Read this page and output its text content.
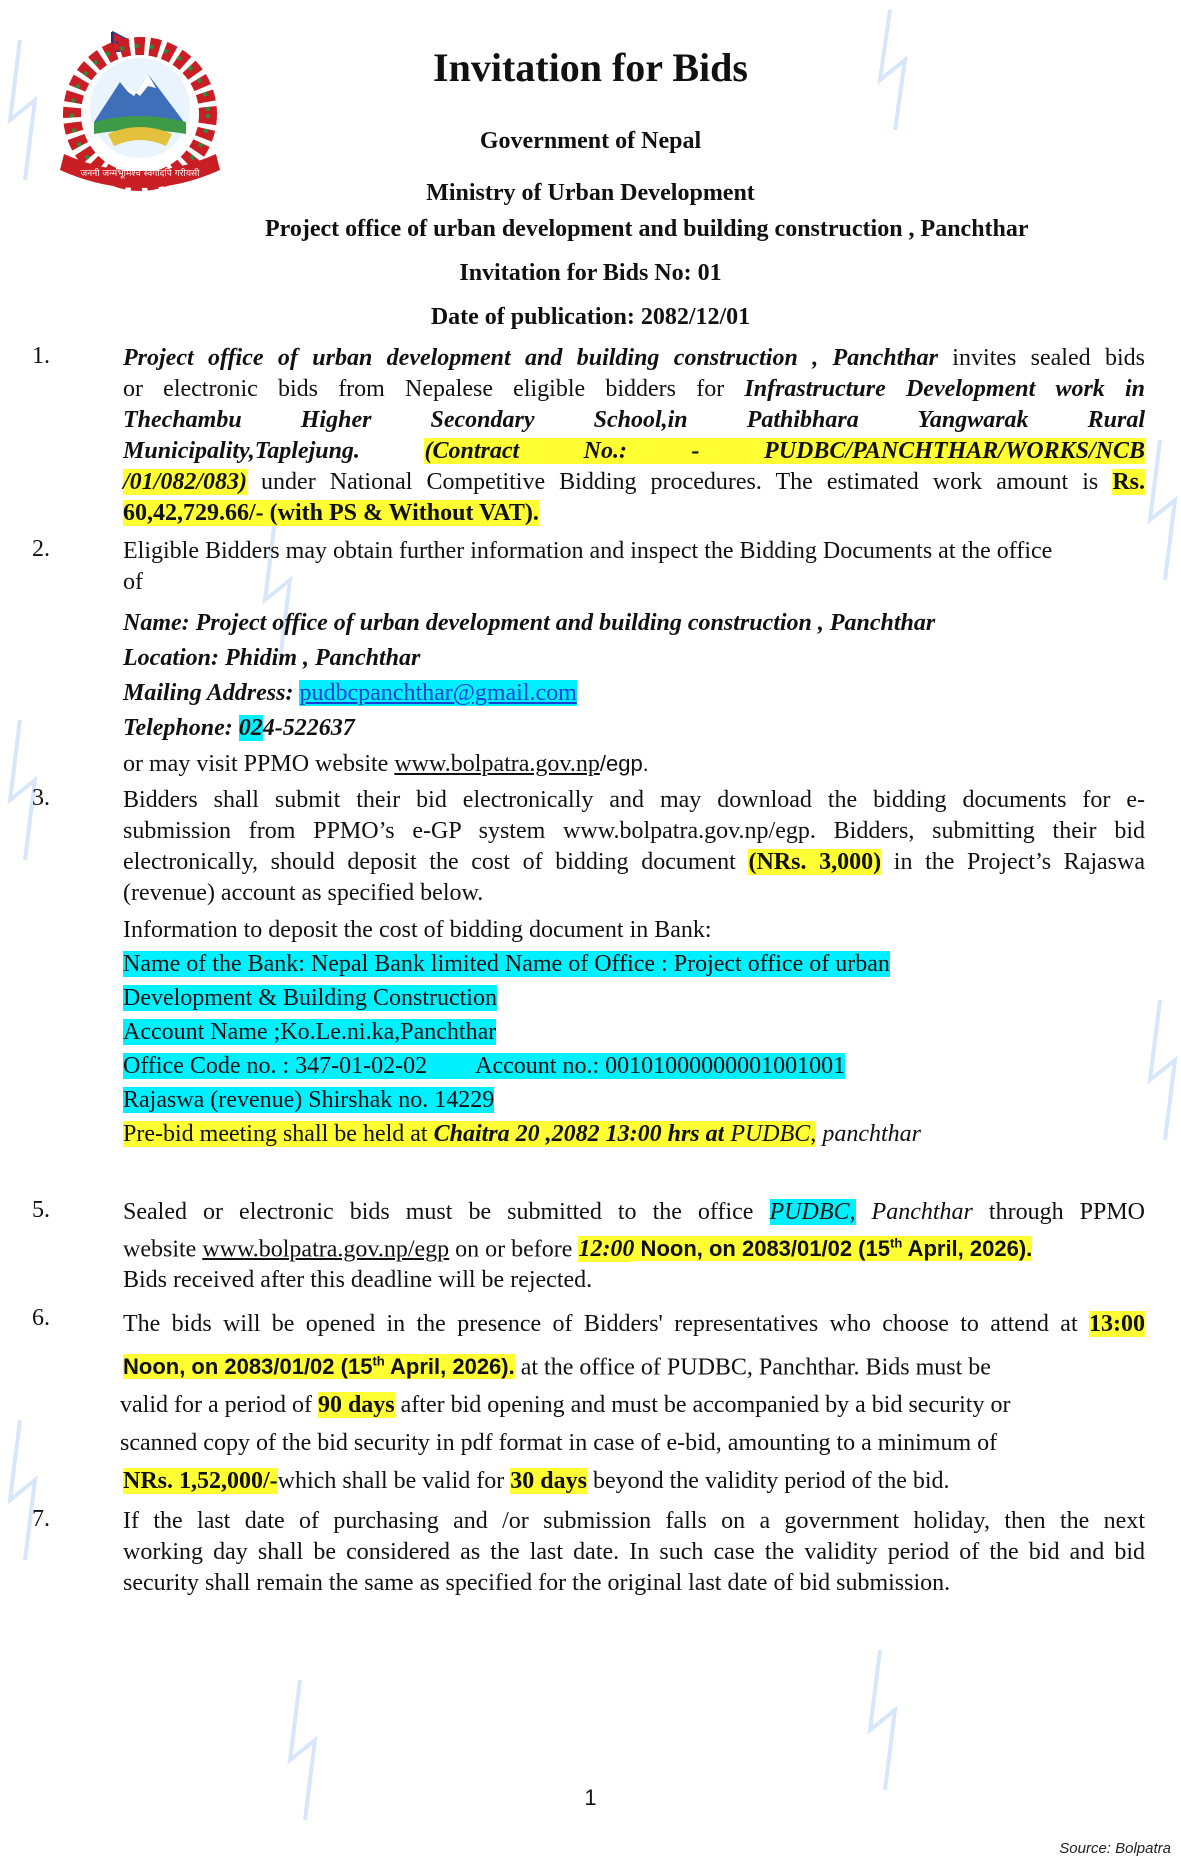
जननी जन्मभूमिश्च स्वर्गादपि गरीयसी
Invitation for Bids
Government of Nepal
Ministry of Urban Development
Project office of urban development and building construction , Panchthar
Invitation for Bids No: 01
Date of publication: 2082/12/01
1.	Project office of urban development and building construction , Panchthar invites sealed bids
or electronic bids from Nepalese eligible bidders for Infrastructure Development work in
Thechambu Higher Secondary School,in Pathibhara Yangwarak Rural
Municipality,Taplejung.	(Contract No.: - PUDBC/PANCHTHAR/WORKS/NCB
/01/082/083) under National Competitive Bidding procedures. The estimated work amount is Rs.
60,42,729.66/- (with PS & Without VAT).
2.	Eligible Bidders may obtain further information and inspect the Bidding Documents at the office
of
Name: Project office of urban development and building construction , Panchthar
Location: Phidim , Panchthar
Mailing Address: pudbcpanchthar@gmail.com
Telephone: 024-522637
or may visit PPMO website www.bolpatra.gov.np/egp.
3.	Bidders shall submit their bid electronically and may download the bidding documents for e-
submission from PPMO’s e-GP system www.bolpatra.gov.np/egp. Bidders, submitting their bid
electronically, should deposit the cost of bidding document (NRs. 3,000) in the Project’s Rajaswa
(revenue) account as specified below.
Information to deposit the cost of bidding document in Bank:
Name of the Bank: Nepal Bank limited Name of Office : Project office of urban
Development & Building Construction
Account Name ;Ko.Le.ni.ka,Panchthar
Office Code no. : 347-01-02-02 Account no.: 00101000000001001001
Rajaswa (revenue) Shirshak no. 14229
Pre-bid meeting shall be held at Chaitra 20 ,2082 13:00 hrs at PUDBC, panchthar
5.	Sealed or electronic bids must be submitted to the office PUDBC, Panchthar through PPMO
website www.bolpatra.gov.np/egp on or before 12:00 Noon, on 2083/01/02 (15th April, 2026).
Bids received after this deadline will be rejected.
6.	The bids will be opened in the presence of Bidders' representatives who choose to attend at 13:00
Noon, on 2083/01/02 (15th April, 2026). at the office of PUDBC, Panchthar. Bids must be
valid for a period of 90 days after bid opening and must be accompanied by a bid security or
scanned copy of the bid security in pdf format in case of e-bid, amounting to a minimum of
NRs. 1,52,000/-which shall be valid for 30 days beyond the validity period of the bid.
7.	If the last date of purchasing and /or submission falls on a government holiday, then the next
working day shall be considered as the last date. In such case the validity period of the bid and bid
security shall remain the same as specified for the original last date of bid submission.
1
Source: Bolpatra
